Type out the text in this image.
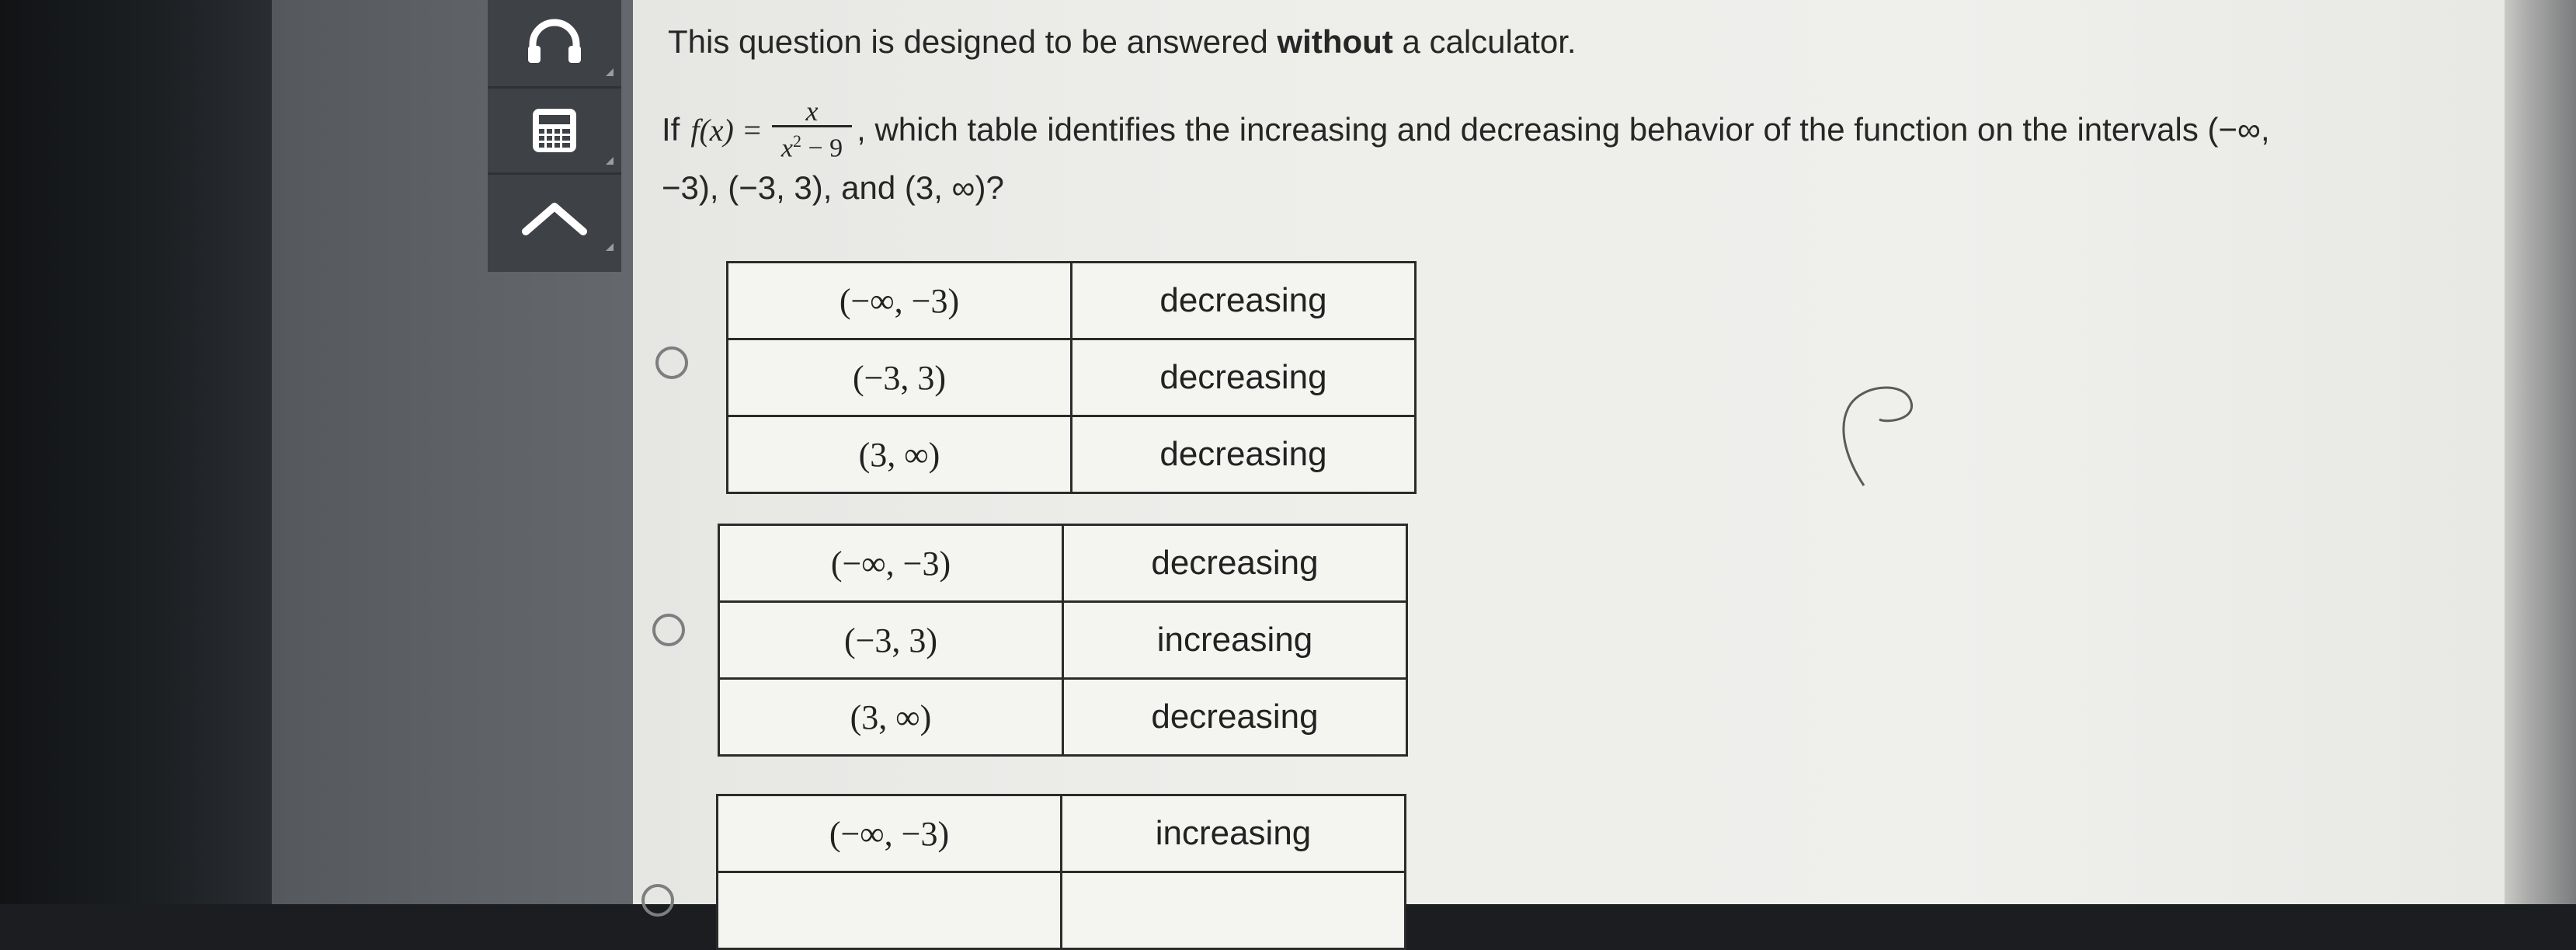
This question is designed to be answered without a calculator.
If $f(x) = \frac{x}{x^2 - 9}$ , which table identifies the increasing and decreasing behavior of the function on the intervals (−∞,
−3), (−3, 3), and (3, ∞)?
(−∞, −3)	decreasing
(−3, 3)	decreasing
(3, ∞)	decreasing
(−∞, −3)	decreasing
(−3, 3)	increasing
(3, ∞)	decreasing
(−∞, −3)	increasing
